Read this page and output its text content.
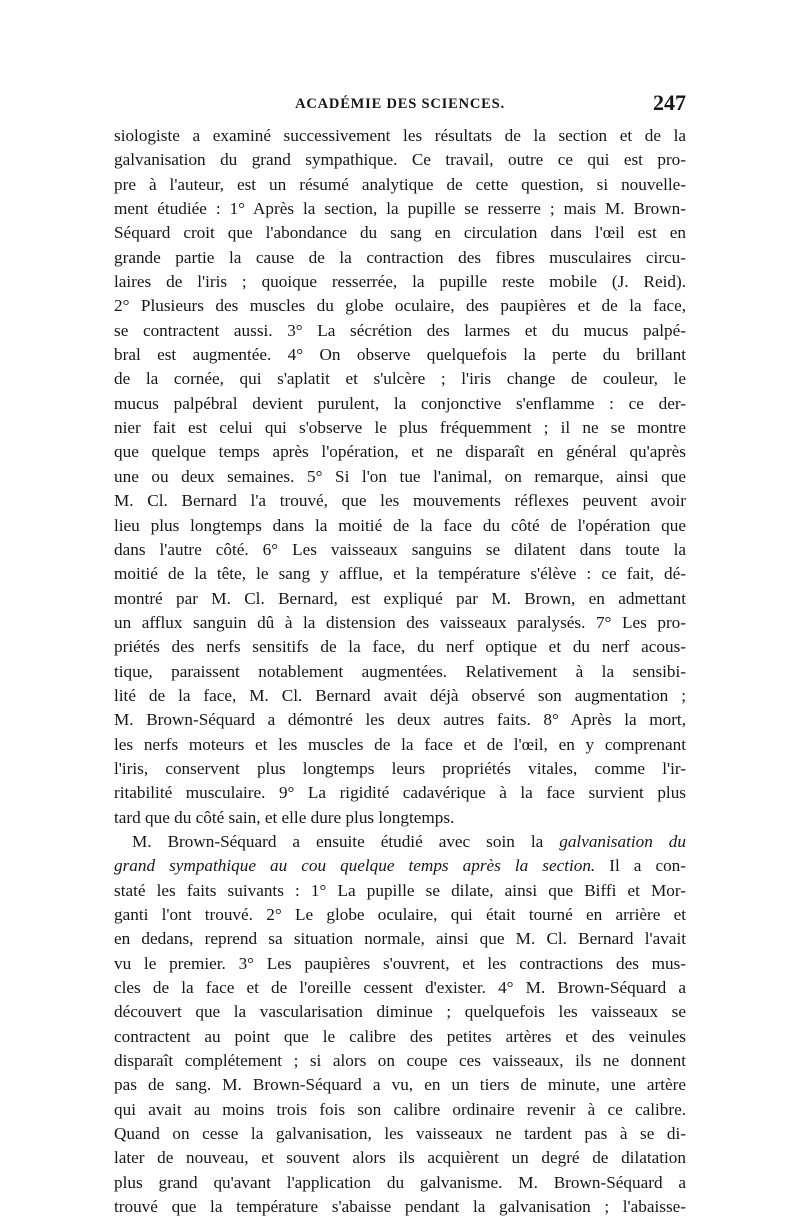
ACADÉMIE DES SCIENCES.	247
siologiste a examiné successivement les résultats de la section et de la
galvanisation du grand sympathique. Ce travail, outre ce qui est pro-
pre à l'auteur, est un résumé analytique de cette question, si nouvelle-
ment étudiée : 1° Après la section, la pupille se resserre ; mais M. Brown-
Séquard croit que l'abondance du sang en circulation dans l'œil est en
grande partie la cause de la contraction des fibres musculaires circu-
laires de l'iris ; quoique resserrée, la pupille reste mobile (J. Reid).
2° Plusieurs des muscles du globe oculaire, des paupières et de la face,
se contractent aussi. 3° La sécrétion des larmes et du mucus palpé-
bral est augmentée. 4° On observe quelquefois la perte du brillant
de la cornée, qui s'aplatit et s'ulcère ; l'iris change de couleur, le
mucus palpébral devient purulent, la conjonctive s'enflamme : ce der-
nier fait est celui qui s'observe le plus fréquemment ; il ne se montre
que quelque temps après l'opération, et ne disparaît en général qu'après
une ou deux semaines. 5° Si l'on tue l'animal, on remarque, ainsi que
M. Cl. Bernard l'a trouvé, que les mouvements réflexes peuvent avoir
lieu plus longtemps dans la moitié de la face du côté de l'opération que
dans l'autre côté. 6° Les vaisseaux sanguins se dilatent dans toute la
moitié de la tête, le sang y afflue, et la température s'élève : ce fait, dé-
montré par M. Cl. Bernard, est expliqué par M. Brown, en admettant
un afflux sanguin dû à la distension des vaisseaux paralysés. 7° Les pro-
priétés des nerfs sensitifs de la face, du nerf optique et du nerf acous-
tique, paraissent notablement augmentées. Relativement à la sensibi-
lité de la face, M. Cl. Bernard avait déjà observé son augmentation ;
M. Brown-Séquard a démontré les deux autres faits. 8° Après la mort,
les nerfs moteurs et les muscles de la face et de l'œil, en y comprenant
l'iris, conservent plus longtemps leurs propriétés vitales, comme l'ir-
ritabilité musculaire. 9° La rigidité cadavérique à la face survient plus
tard que du côté sain, et elle dure plus longtemps.
M. Brown-Séquard a ensuite étudié avec soin la galvanisation du
grand sympathique au cou quelque temps après la section. Il a con-
staté les faits suivants : 1° La pupille se dilate, ainsi que Biffi et Mor-
ganti l'ont trouvé. 2° Le globe oculaire, qui était tourné en arrière et
en dedans, reprend sa situation normale, ainsi que M. Cl. Bernard l'avait
vu le premier. 3° Les paupières s'ouvrent, et les contractions des mus-
cles de la face et de l'oreille cessent d'exister. 4° M. Brown-Séquard a
découvert que la vascularisation diminue ; quelquefois les vaisseaux se
contractent au point que le calibre des petites artères et des veinules
disparaît complétement ; si alors on coupe ces vaisseaux, ils ne donnent
pas de sang. M. Brown-Séquard a vu, en un tiers de minute, une artère
qui avait au moins trois fois son calibre ordinaire revenir à ce calibre.
Quand on cesse la galvanisation, les vaisseaux ne tardent pas à se di-
later de nouveau, et souvent alors ils acquièrent un degré de dilatation
plus grand qu'avant l'application du galvanisme. M. Brown-Séquard a
trouvé que la température s'abaisse pendant la galvanisation ; l'abaisse-
